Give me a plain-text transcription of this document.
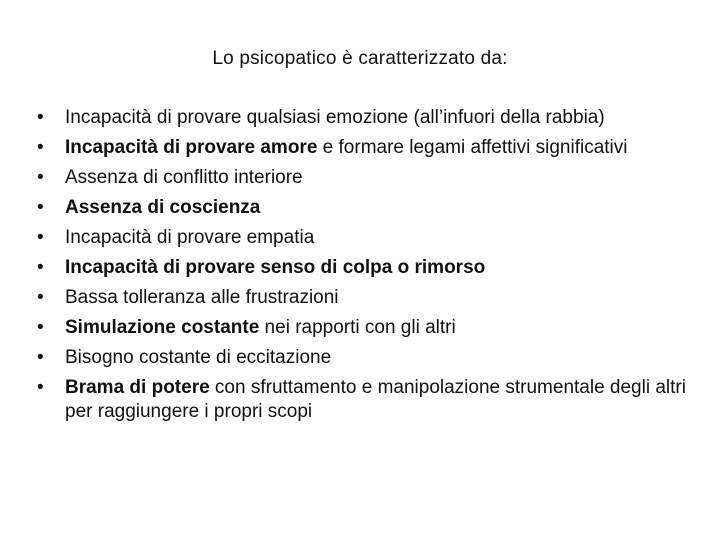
Lo psicopatico è caratterizzato da:
•	Incapacità di provare qualsiasi emozione (all’infuori della rabbia)
•	Incapacità di provare amore e formare legami affettivi significativi
•	Assenza di conflitto interiore
•	Assenza di coscienza
•	Incapacità di provare empatia
•	Incapacità di provare senso di colpa o rimorso
•	Bassa tolleranza alle frustrazioni
•	Simulazione costante nei rapporti con gli altri
•	Bisogno costante di eccitazione
•	Brama di potere con sfruttamento e manipolazione strumentale degli altri per raggiungere i propri scopi
